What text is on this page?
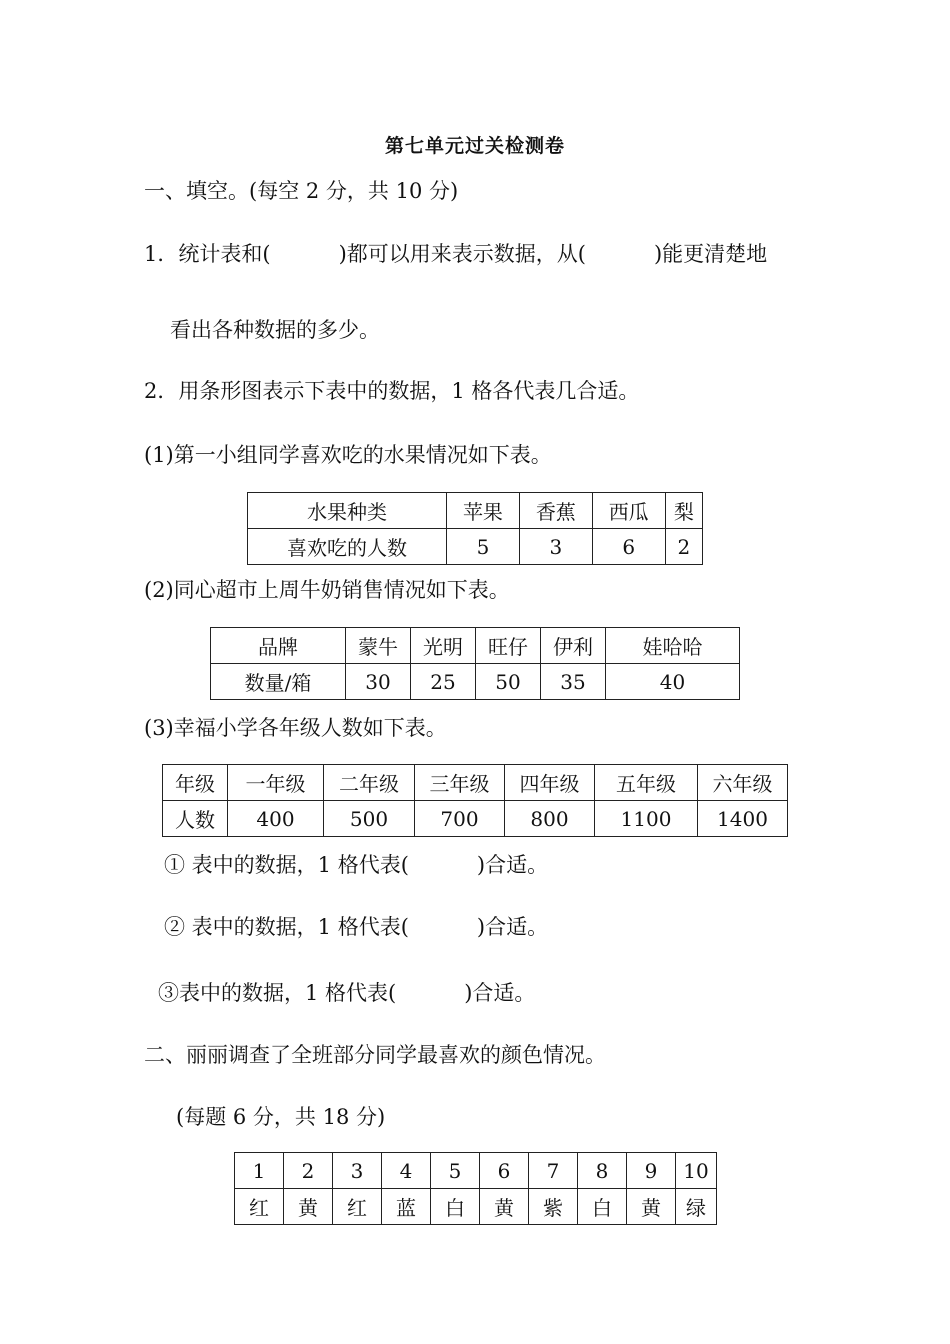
第七单元过关检测卷
一、填空。(每空 2 分，共 10 分)
1．统计表和(	)都可以用来表示数据，从(	)能更清楚地
看出各种数据的多少。
2．用条形图表示下表中的数据，1 格各代表几合适。
(1)第一小组同学喜欢吃的水果情况如下表。
水果种类	苹果	香蕉	西瓜	梨
喜欢吃的人数	5	3	6	2
(2)同心超市上周牛奶销售情况如下表。
品牌	蒙牛	光明	旺仔	伊利	娃哈哈
数量/箱	30	25	50	35	40
(3)幸福小学各年级人数如下表。
年级	一年级	二年级	三年级	四年级	五年级	六年级
人数	400	500	700	800	1100	1400
① 表中的数据，1 格代表(	)合适。
② 表中的数据，1 格代表(	)合适。
③表中的数据，1 格代表(	)合适。
二、丽丽调查了全班部分同学最喜欢的颜色情况。
(每题 6 分，共 18 分)
1	2	3	4	5	6	7	8	9	10
红	黄	红	蓝	白	黄	紫	白	黄	绿
